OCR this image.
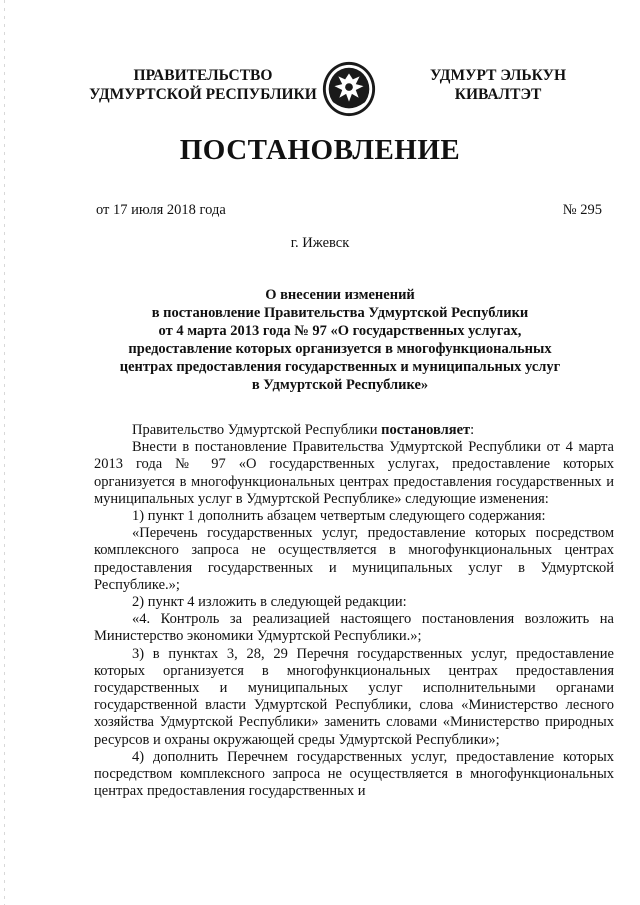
ПРАВИТЕЛЬСТВО
УДМУРТСКОЙ РЕСПУБЛИКИ
УДМУРТ ЭЛЬКУН
КИВАЛТЭТ
ПОСТАНОВЛЕНИЕ
от 17 июля 2018 года	№ 295
г. Ижевск
О внесении изменений
в постановление Правительства Удмуртской Республики
от 4 марта 2013 года № 97 «О государственных услугах,
предоставление которых организуется в многофункциональных
центрах предоставления государственных и муниципальных услуг
в Удмуртской Республике»

Правительство Удмуртской Республики постановляет:

Внести в постановление Правительства Удмуртской Республики от 4 марта 2013 года № 97 «О государственных услугах, предоставление которых организуется в многофункциональных центрах предоставления государственных и муниципальных услуг в Удмуртской Республике» следующие изменения:

1) пункт 1 дополнить абзацем четвертым следующего содержания:

«Перечень государственных услуг, предоставление которых посредством комплексного запроса не осуществляется в многофункциональных центрах предоставления государственных и муниципальных услуг в Удмуртской Республике.»;

2) пункт 4 изложить в следующей редакции:

«4. Контроль за реализацией настоящего постановления возложить на Министерство экономики Удмуртской Республики.»;

3) в пунктах 3, 28, 29 Перечня государственных услуг, предоставление которых организуется в многофункциональных центрах предоставления государственных и муниципальных услуг исполнительными органами государственной власти Удмуртской Республики, слова «Министерство лесного хозяйства Удмуртской Республики» заменить словами «Министерство природных ресурсов и охраны окружающей среды Удмуртской Республики»;

4) дополнить Перечнем государственных услуг, предоставление которых посредством комплексного запроса не осуществляется в многофункциональных центрах предоставления государственных и
